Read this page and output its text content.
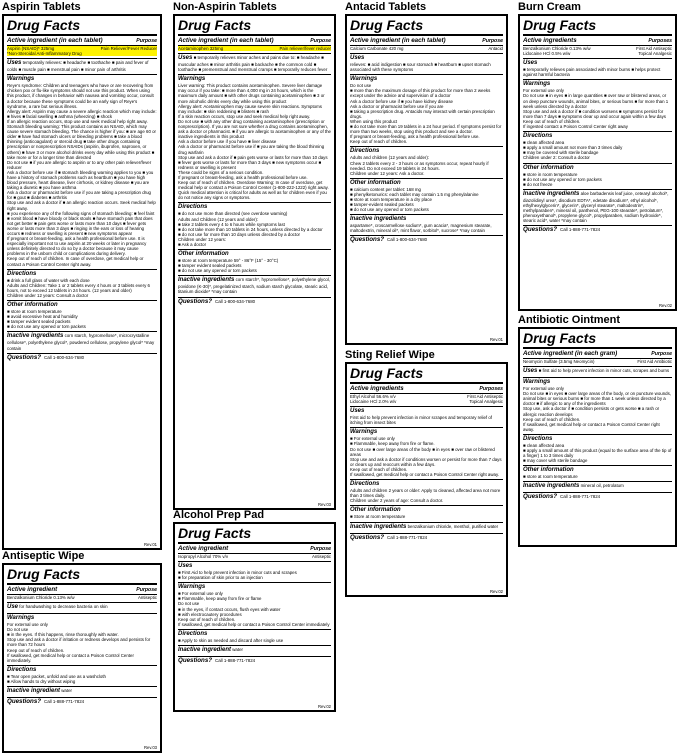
Aspirin Tablets
Drug Facts
Active ingredient (in each tablet)	Purpose
Aspirin (NSAID)* 325mg	Pain Reliever/Fever Reducer
*Non-Steroidal Anti-Inflammatory Drug
Uses temporarily relieves: ■ headache ■ toothache ■ pain and fever of colds ■ muscle pain ■ menstrual pain ■ minor pain of arthritis
Warnings
Reye's syndrome: Children and teenagers who have or are recovering from chicken pox or flu-like symptoms should not use this product. When using this product, if changes in behavior with nausea and vomiting occur, consult a doctor because these symptoms could be an early sign of Reye's syndrome, a rare but serious illness.
Allergy alert: Aspirin may cause a severe allergic reaction which may include: ■ hives ■ facial swelling ■ asthma (wheezing) ■ shock
If an allergic reaction occurs, stop use and seek medical help right away.
Stomach bleeding warning: This product contains an NSAID, which may cause severe stomach bleeding. The chance is higher if you: ■ are age 60 or older ■ have had stomach ulcers or bleeding problems ■ take a blood thinning (anticoagulant) or steroid drug ■ take other drugs containing prescription or nonprescription NSAIDs (aspirin, ibuprofen, naproxen, or others) ■ have 3 or more alcohol drinks every day while using this product ■ take more or for a longer time than directed
Do not use ■ if you are allergic to aspirin or to any other pain reliever/fever reducer
Ask a doctor before use if ■ stomach bleeding warning applies to you ■ you have a history of stomach problems such as heartburn ■ you have high blood pressure, heart disease, liver cirrhosis, or kidney disease ■ you are taking a diuretic ■ you have asthma
Ask a doctor or pharmacist before use if you are taking a prescription drug for ■ gout ■ diabetes ■ arthritis
Stop use and ask a doctor if ■ an allergic reaction occurs. Seek medical help right away.
■ you experience any of the following signs of stomach bleeding: ■ feel faint ■ vomit blood ■ have bloody or black stools ■ have stomach pain that does not get better ■ pain gets worse or lasts more than 10 days ■ fever gets worse or lasts more than 3 days ■ ringing in the ears or loss of hearing occurs ■ redness or swelling is present ■ new symptoms appear
If pregnant or breast-feeding, ask a health professional before use. It is especially important not to use aspirin at 20 weeks or later in pregnancy unless definitely directed to do so by a doctor because it may cause problems in the unborn child or complications during delivery.
Keep out of reach of children. In case of overdose, get medical help or contact a Poison Control Center right away.
Directions
■ drink a full glass of water with each dose
Adults and Children: Take 1 or 2 tablets every 4 hours or 3 tablets every 6 hours, not to exceed 12 tablets in 24 hours. (12 years and older)
Children under 12 years: Consult a doctor
Other information
■ store at room temperature
■ avoid excessive heat and humidity
■ tamper evident sealed packets
■ do not use any opened or torn packets
Inactive ingredients corn starch, hypromellose*, microcrystalline cellulose*, polyethylene glycol*, powdered cellulose, propylene glycol* *may contain
Questions? Call 1-800-634-7680
Rev.01
Antiseptic Wipe
Drug Facts
Active ingredient	Purpose
Benzalkonium Chloride 0.13% w/w	Antiseptic
Use for handwashing to decrease bacteria on skin
Warnings
For external use only
Do not use
■ in the eyes. If this happens, rinse thoroughly with water.
Stop use and ask a doctor if irritation or redness develops and persists for more than 72 hours
Keep out of reach of children.
If swallowed, get medical help or contact a Poison Control Center immediately.
Directions
■ Tear open packet, unfold and use as a washcloth
■ Allow hands to dry without wiping
Inactive ingredient water
Questions? Call 1-888-771-7824
Rev.03
Non-Aspirin Tablets
Drug Facts
Active ingredient (in each tablet)	Purpose
Acetaminophen 325mg	Pain reliever/fever reducer
Uses ■ temporarily relieves minor aches and pains due to: ■ headache ■ muscular aches ■ minor arthritis pain ■ backache ■ the common cold ■ toothache ■ premenstrual and menstrual cramps ■ temporarily reduces fever
Warnings
Liver warning: This product contains acetaminophen. Severe liver damage may occur if you take: ■ more than 4,000 mg in 24 hours, which is the maximum daily amount ■ with other drugs containing acetaminophen ■ 3 or more alcoholic drinks every day while using this product
Allergy alert: Acetaminophen may cause severe skin reactions. Symptoms may include: ■ skin reddening ■ blisters ■ rash
If a skin reaction occurs, stop use and seek medical help right away.
Do not use ■ with any other drug containing acetaminophen (prescription or nonprescription). If you are not sure whether a drug contains acetaminophen, ask a doctor or pharmacist. ■ if you are allergic to acetaminophen or any of the inactive ingredients in this product
Ask a doctor before use if you have ■ liver disease
Ask a doctor or pharmacist before use if ■ you are taking the blood thinning drug warfarin
Stop use and ask a doctor if ■ pain gets worse or lasts for more than 10 days ■ fever gets worse or lasts for more than 3 days ■ new symptoms occur ■ redness or swelling is present
These could be signs of a serious condition.
If pregnant or breast-feeding, ask a health professional before use.
Keep out of reach of children. Overdose Warning: In case of overdose, get medical help or contact a Poison Control Center (1-800-222-1222) right away. Quick medical attention is critical for adults as well as for children even if you do not notice any signs or symptoms.
Directions
■ do not use more than directed (see overdose warning)
Adults and Children (12 years and older):
■ take 2 tablets every 4 to 6 hours while symptoms last
■ do not take more than 10 tablets in 24 hours, unless directed by a doctor
■ do not use for more than 10 days unless directed by a doctor
Children under 12 years:
■ Ask a doctor
Other information
■ store at room temperature 59° - 86°F (15° - 30°C)
■ tamper evident sealed packets
■ do not use any opened or torn packets
Inactive ingredients corn starch*, hypromellose*, polyethylene glycol, povidone (K-30)*, pregelatinized starch, sodium starch glycolate, stearic acid, titanium dioxide* *may contain
Questions? Call 1-800-634-7680
Rev.03
Alcohol Prep Pad
Drug Facts
Active ingredient	Purpose
Isopropyl Alcohol 70% v/v	Antiseptic
Uses
■ First Aid to help prevent infection in minor cuts and scrapes
■ for preparation of skin prior to an injection
Warnings
■ For external use only
■ Flammable, keep away from fire or flame
Do not use
■ in the eyes, if contact occurs, flush eyes with water
■ with electrocautery procedures
Keep out of reach of children.
If swallowed, get medical help or contact a Poison Control Center immediately
Directions
■ Apply to skin as needed and discard after single use
Inactive ingredient water
Questions? Call 1-888-771-7824
Rev.02
Antacid Tablets
Drug Facts
Active ingredient (in each tablet)	Purpose
Calcium Carbonate 420 mg	Antacid
Uses
relieves: ■ acid indigestion ■ sour stomach ■ heartburn ■ upset stomach associated with these symptoms
Warnings
Do not use
■ more than the maximum dosage of this product for more than 2 weeks except under the advice and supervision of a doctor
Ask a doctor before use if ■ you have kidney disease
Ask a doctor or pharmacist before use if you are
■ taking a prescription drug. Antacids may interact with certain prescription drugs.
When using this product
■ do not take more than 19 tablets in a 24 hour period. If symptoms persist for more than two weeks, stop using this product and see a doctor.
If pregnant or breast-feeding, ask a health professional before use.
Keep out of reach of children.
Directions
Adults and children (12 years and older):
Chew 2 tablets every 2 - 3 hours or as symptoms occur, repeat hourly if needed. Do not exceed 19 tablets in 24 hours.
Children under 12 years: Ask a doctor.
Other information
■ calcium content per tablet: 168 mg
■ phenylketonurics: each tablet may contain 1.5 mg phenylalanine
■ store at room temperature in a dry place
■ tamper-evident sealed packets
■ do not use any opened or torn packets
Inactive ingredients
aspartame*, croscarmellose sodium*, gum acacia*, magnesium stearate, maltodextrin, mineral oil*, mint flavor, sorbitol*, sucrose* *may contain
Questions? Call 1-800-634-7680
Rev.01
Sting Relief Wipe
Drug Facts
Active ingredients	Purposes
Ethyl Alcohol 56.6% v/v	First Aid Antiseptic
Lidocaine HCl 2.0% w/v	Topical Analgesic
Uses
First aid to help prevent infection in minor scrapes and temporary relief of itching from insect bites
Warnings
■ For external use only
■ Flammable, keep away from fire or flame.
Do not use ■ over large areas of the body ■ in eyes ■ over raw or blistered areas
Stop use and ask a doctor if conditions worsen or persist for more than 7 days or clears up and reoccurs within a few days.
Keep out of reach of children.
If swallowed, get medical help or contact a Poison Control Center right away.
Directions
Adults and children 2 years or older: Apply to cleaned, affected area not more than 3 times daily.
Children under 2 years of age: Consult a doctor.
Other information
■ Store at room temperature
Inactive ingredients benzalkonium chloride, menthol, purified water
Questions? Call 1-888-771-7824
Rev.02
Burn Cream
Drug Facts
Active ingredients	Purposes
Benzalkonium Chloride 0.13% w/w	First Aid Antiseptic
Lidocaine HCl 0.5% w/w	Topical Analgesic
Uses
■ temporarily relieves pain associated with minor burns ■ helps protect against harmful bacteria
Warnings
For external use only
Do not use ■ in eyes ■ in large quantities ■ over raw or blistered areas, or on deep puncture wounds, animal bites, or serious burns ■ for more than 1 week unless directed by a doctor
Stop use and ask a doctor if ■ condition worsens ■ symptoms persist for more than 7 days ■ symptoms clear up and occur again within a few days
Keep out of reach of children.
If ingested contact a Poison Control Center right away
Directions
■ clean affected area
■ apply a small amount not more than 3 times daily
■ may be covered with sterile bandage
Children under 2: Consult a doctor
Other information
■ store in room temperature
■ do not use any opened or torn packets
■ do not freeze
Inactive ingredients aloe barbadensis leaf juice, cetearyl alcohol*, diazolidinyl urea*, disodium EDTA*, edetate disodium*, ethyl alcohol*, ethylhexylglycerin*, glycerin*, glyceryl stearate*, maltodextrin*, methylparaben*, mineral oil, panthenol, PEG-100 stearate*, petrolatum*, phenoxyethanol*, propylene glycol*, propylparaben, sodium hydroxide*, stearic acid*, water *may contain
Questions? Call 1-888-771-7824
Rev.02
Antibiotic Ointment
Drug Facts
Active ingredient (in each gram)	Purpose
Neomycin Sulfate (3.5mg Neomycin)	First Aid Antibiotic
Uses ■ first aid to help prevent infection in minor cuts, scrapes and burns
Warnings
For external use only
Do not use ■ in eyes ■ over large areas of the body, or on puncture wounds, animal bites or serious burns ■ for more than 1 week unless directed by a doctor ■ if allergic to any of the ingredients
Stop use, ask a doctor if ■ condition persists or gets worse ■ a rash or allergic reaction develops
Keep out of reach of children.
If swallowed, get medical help or contact a Poison Control Center right away.
Directions
■ clean affected area
■ apply a small amount of this product (equal to the surface area of the tip of a finger) 1 to 3 times daily
■ may cover with sterile bandage
Other information
■ store at room temperature
Inactive ingredients mineral oil, petrolatum
Questions? Call 1-888-771-7824
